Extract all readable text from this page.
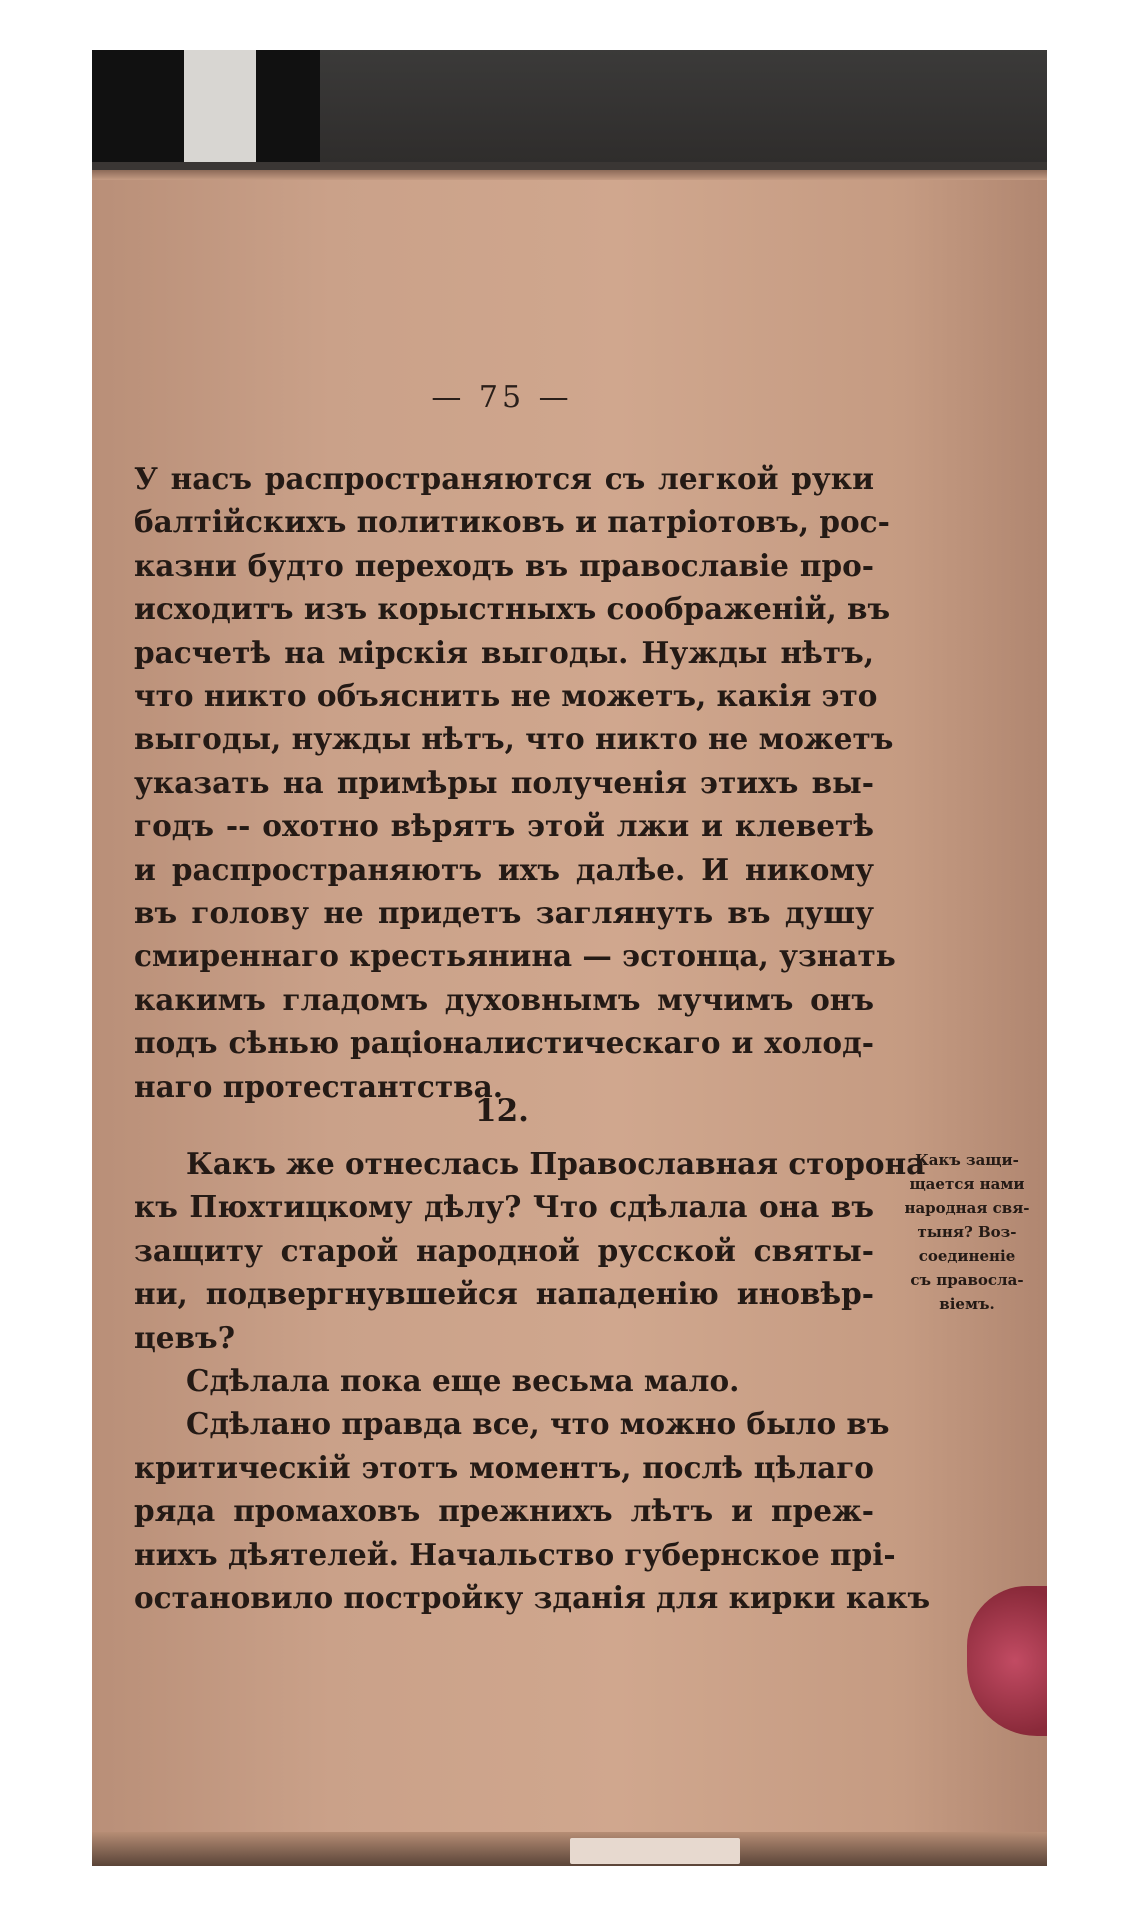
— 75 —
У насъ распространяются съ легкой руки
балтійскихъ политиковъ и патріотовъ, рос-
казни будто переходъ въ православіе про-
исходитъ изъ корыстныхъ соображеній, въ
расчетѣ на мірскія выгоды. Нужды нѣтъ,
что никто объяснить не можетъ, какія это
выгоды, нужды нѣтъ, что никто не можетъ
указать на примѣры полученія этихъ вы-
годъ -- охотно вѣрятъ этой лжи и клеветѣ
и распространяютъ ихъ далѣе. И никому
въ голову не придетъ заглянуть въ душу
смиреннаго крестьянина — эстонца, узнать
какимъ гладомъ духовнымъ мучимъ онъ
подъ сѣнью раціоналистическаго и холод-
наго протестантства.
12.
Какъ же отнеслась Православная сторона
къ Пюхтицкому дѣлу? Что сдѣлала она въ
защиту старой народной русской святы-
ни, подвергнувшейся нападенію иновѣр-
цевъ?
Сдѣлала пока еще весьма мало.
Сдѣлано правда все, что можно было въ
критическій этотъ моментъ, послѣ цѣлаго
ряда промаховъ прежнихъ лѣтъ и преж-
нихъ дѣятелей. Начальство губернское прі-
остановило постройку зданія для кирки какъ
Какъ защи-
щается нами
народная свя-
тыня? Воз-
соединеніе
съ правосла-
віемъ.
